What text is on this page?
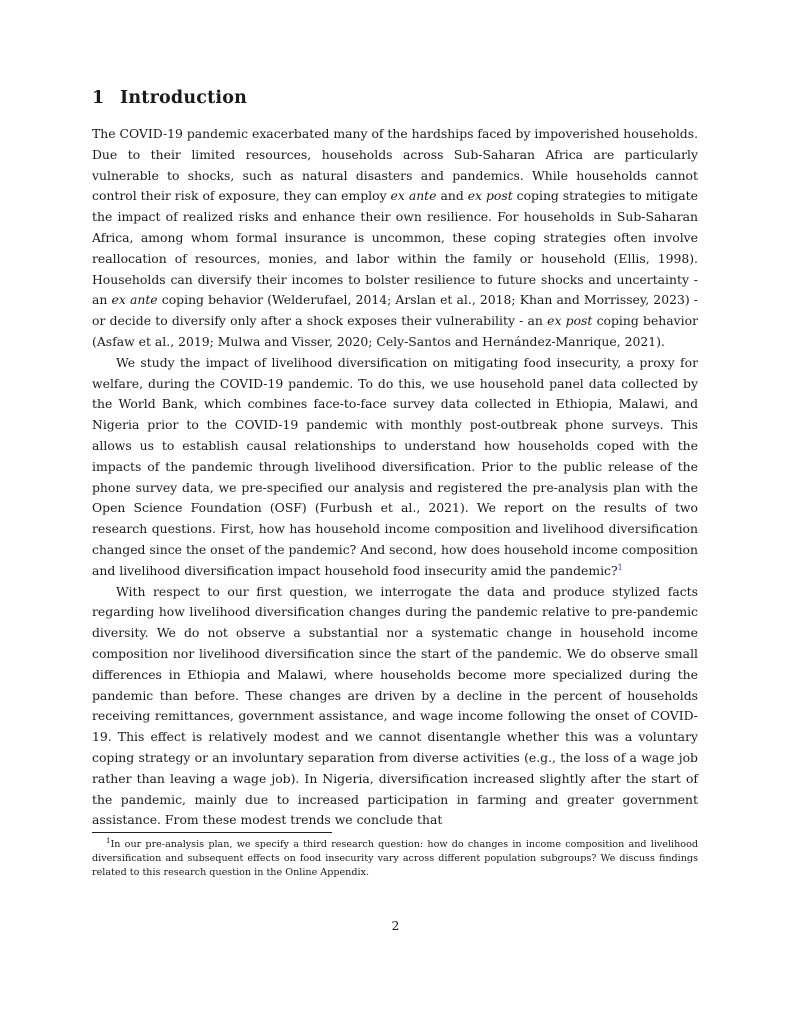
1 Introduction

The COVID-19 pandemic exacerbated many of the hardships faced by impoverished households. Due to their limited resources, households across Sub-Saharan Africa are particularly vulnerable to shocks, such as natural disasters and pandemics. While households cannot control their risk of exposure, they can employ ex ante and ex post coping strategies to mitigate the impact of realized risks and enhance their own resilience. For households in Sub-Saharan Africa, among whom formal insurance is uncommon, these coping strategies often involve reallocation of resources, monies, and labor within the family or household (Ellis, 1998). Households can diversify their incomes to bolster resilience to future shocks and uncertainty - an ex ante coping behavior (Welderufael, 2014; Arslan et al., 2018; Khan and Morrissey, 2023) - or decide to diversify only after a shock exposes their vulnerability - an ex post coping behavior (Asfaw et al., 2019; Mulwa and Visser, 2020; Cely-Santos and Hernández-Manrique, 2021).

We study the impact of livelihood diversification on mitigating food insecurity, a proxy for welfare, during the COVID-19 pandemic. To do this, we use household panel data collected by the World Bank, which combines face-to-face survey data collected in Ethiopia, Malawi, and Nigeria prior to the COVID-19 pandemic with monthly post-outbreak phone surveys. This allows us to establish causal relationships to understand how households coped with the impacts of the pandemic through livelihood diversification. Prior to the public release of the phone survey data, we pre-specified our analysis and registered the pre-analysis plan with the Open Science Foundation (OSF) (Furbush et al., 2021). We report on the results of two research questions. First, how has household income composition and livelihood diversification changed since the onset of the pandemic? And second, how does household income composition and livelihood diversification impact household food insecurity amid the pandemic?$^1$

With respect to our first question, we interrogate the data and produce stylized facts regarding how livelihood diversification changes during the pandemic relative to pre-pandemic diversity. We do not observe a substantial nor a systematic change in household income composition nor livelihood diversification since the start of the pandemic. We do observe small differences in Ethiopia and Malawi, where households become more specialized during the pandemic than before. These changes are driven by a decline in the percent of households receiving remittances, government assistance, and wage income following the onset of COVID-19. This effect is relatively modest and we cannot disentangle whether this was a voluntary coping strategy or an involuntary separation from diverse activities (e.g., the loss of a wage job rather than leaving a wage job). In Nigeria, diversification increased slightly after the start of the pandemic, mainly due to increased participation in farming and greater government assistance. From these modest trends we conclude that

$^1$In our pre-analysis plan, we specify a third research question: how do changes in income composition and livelihood diversification and subsequent effects on food insecurity vary across different population subgroups? We discuss findings related to this research question in the Online Appendix.
2
